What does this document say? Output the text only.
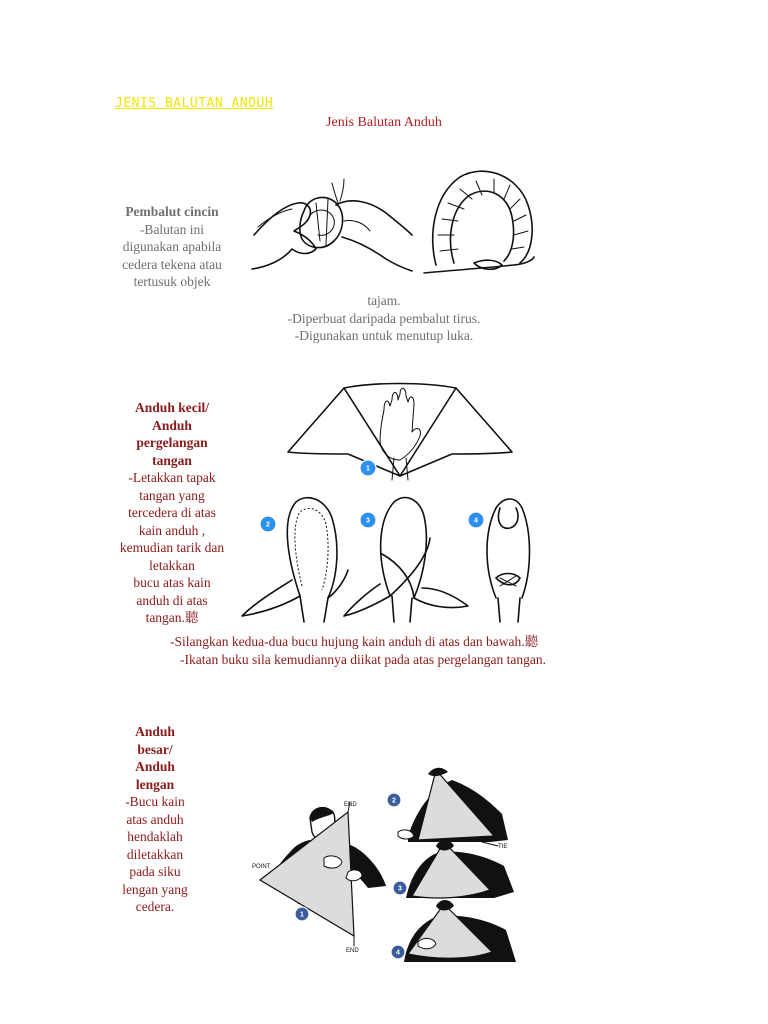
JENIS BALUTAN ANDUH
Jenis Balutan Anduh
Pembalut cincin
-Balutan ini
digunakan apabila
cedera tekena atau
tertusuk objek
tajam.
-Diperbuat daripada pembalut tirus.
-Digunakan untuk menutup luka.
Anduh kecil/
Anduh
pergelangan
tangan
-Letakkan tapak
tangan yang
tercedera di atas
kain anduh ,
kemudian tarik dan
letakkan
bucu atas kain
anduh di atas
tangan.聽
1
2
3	4
-Silangkan kedua-dua bucu hujung kain anduh di atas dan bawah.聽
-Ikatan buku sila kemudiannya diikat pada atas pergelangan tangan.
Anduh
besar/
Anduh
lengan
-Bucu kain
atas anduh
hendaklah
diletakkan
pada siku
lengan yang
cedera.
END
POINT
END
1
TIE
2
3
4
